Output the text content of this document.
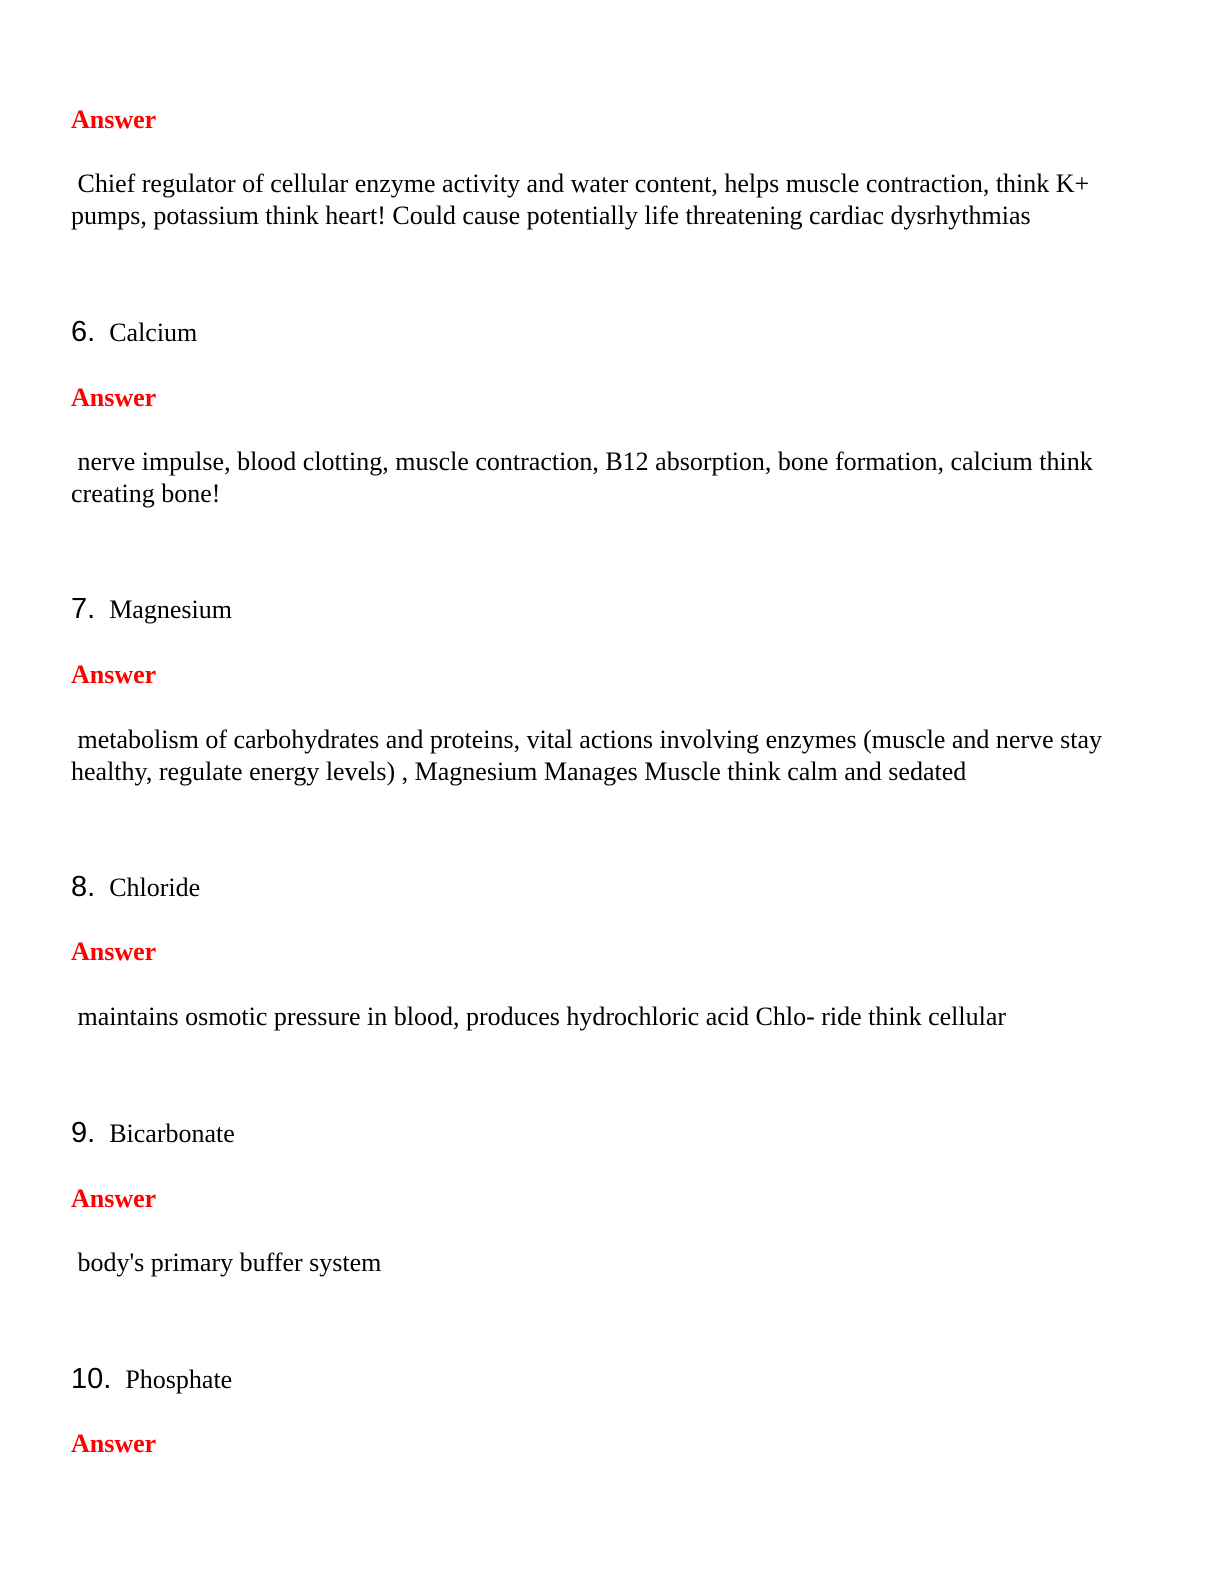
Answer
Chief regulator of cellular enzyme activity and water content, helps muscle contraction, think K+ pumps, potassium think heart! Could cause potentially life threatening cardiac dysrhythmias
6. Calcium
Answer
nerve impulse, blood clotting, muscle contraction, B12 absorption, bone formation, calcium think creating bone!
7. Magnesium
Answer
metabolism of carbohydrates and proteins, vital actions involving enzymes (muscle and nerve stay healthy, regulate energy levels) , Magnesium Manages Muscle think calm and sedated
8. Chloride
Answer
maintains osmotic pressure in blood, produces hydrochloric acid Chlo- ride think cellular
9. Bicarbonate
Answer
body's primary buffer system
10. Phosphate
Answer
